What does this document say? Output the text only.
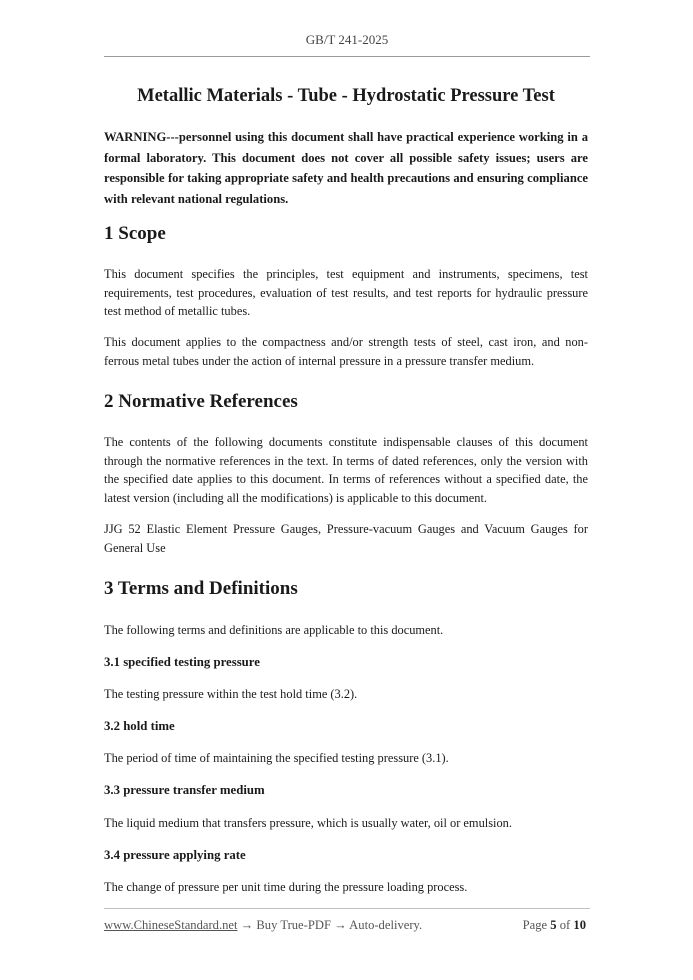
GB/T 241-2025
Metallic Materials - Tube - Hydrostatic Pressure Test

WARNING---personnel using this document shall have practical experience working in a formal laboratory. This document does not cover all possible safety issues; users are responsible for taking appropriate safety and health precautions and ensuring compliance with relevant national regulations.

1 Scope

This document specifies the principles, test equipment and instruments, specimens, test requirements, test procedures, evaluation of test results, and test reports for hydraulic pressure test method of metallic tubes.

This document applies to the compactness and/or strength tests of steel, cast iron, and non-ferrous metal tubes under the action of internal pressure in a pressure transfer medium.

2 Normative References

The contents of the following documents constitute indispensable clauses of this document through the normative references in the text. In terms of dated references, only the version with the specified date applies to this document. In terms of references without a specified date, the latest version (including all the modifications) is applicable to this document.

JJG 52 Elastic Element Pressure Gauges, Pressure-vacuum Gauges and Vacuum Gauges for General Use

3 Terms and Definitions

The following terms and definitions are applicable to this document.

3.1 specified testing pressure

The testing pressure within the test hold time (3.2).

3.2 hold time

The period of time of maintaining the specified testing pressure (3.1).

3.3 pressure transfer medium

The liquid medium that transfers pressure, which is usually water, oil or emulsion.

3.4 pressure applying rate

The change of pressure per unit time during the pressure loading process.

www.ChineseStandard.net → Buy True-PDF → Auto-delivery.	Page 5 of 10
